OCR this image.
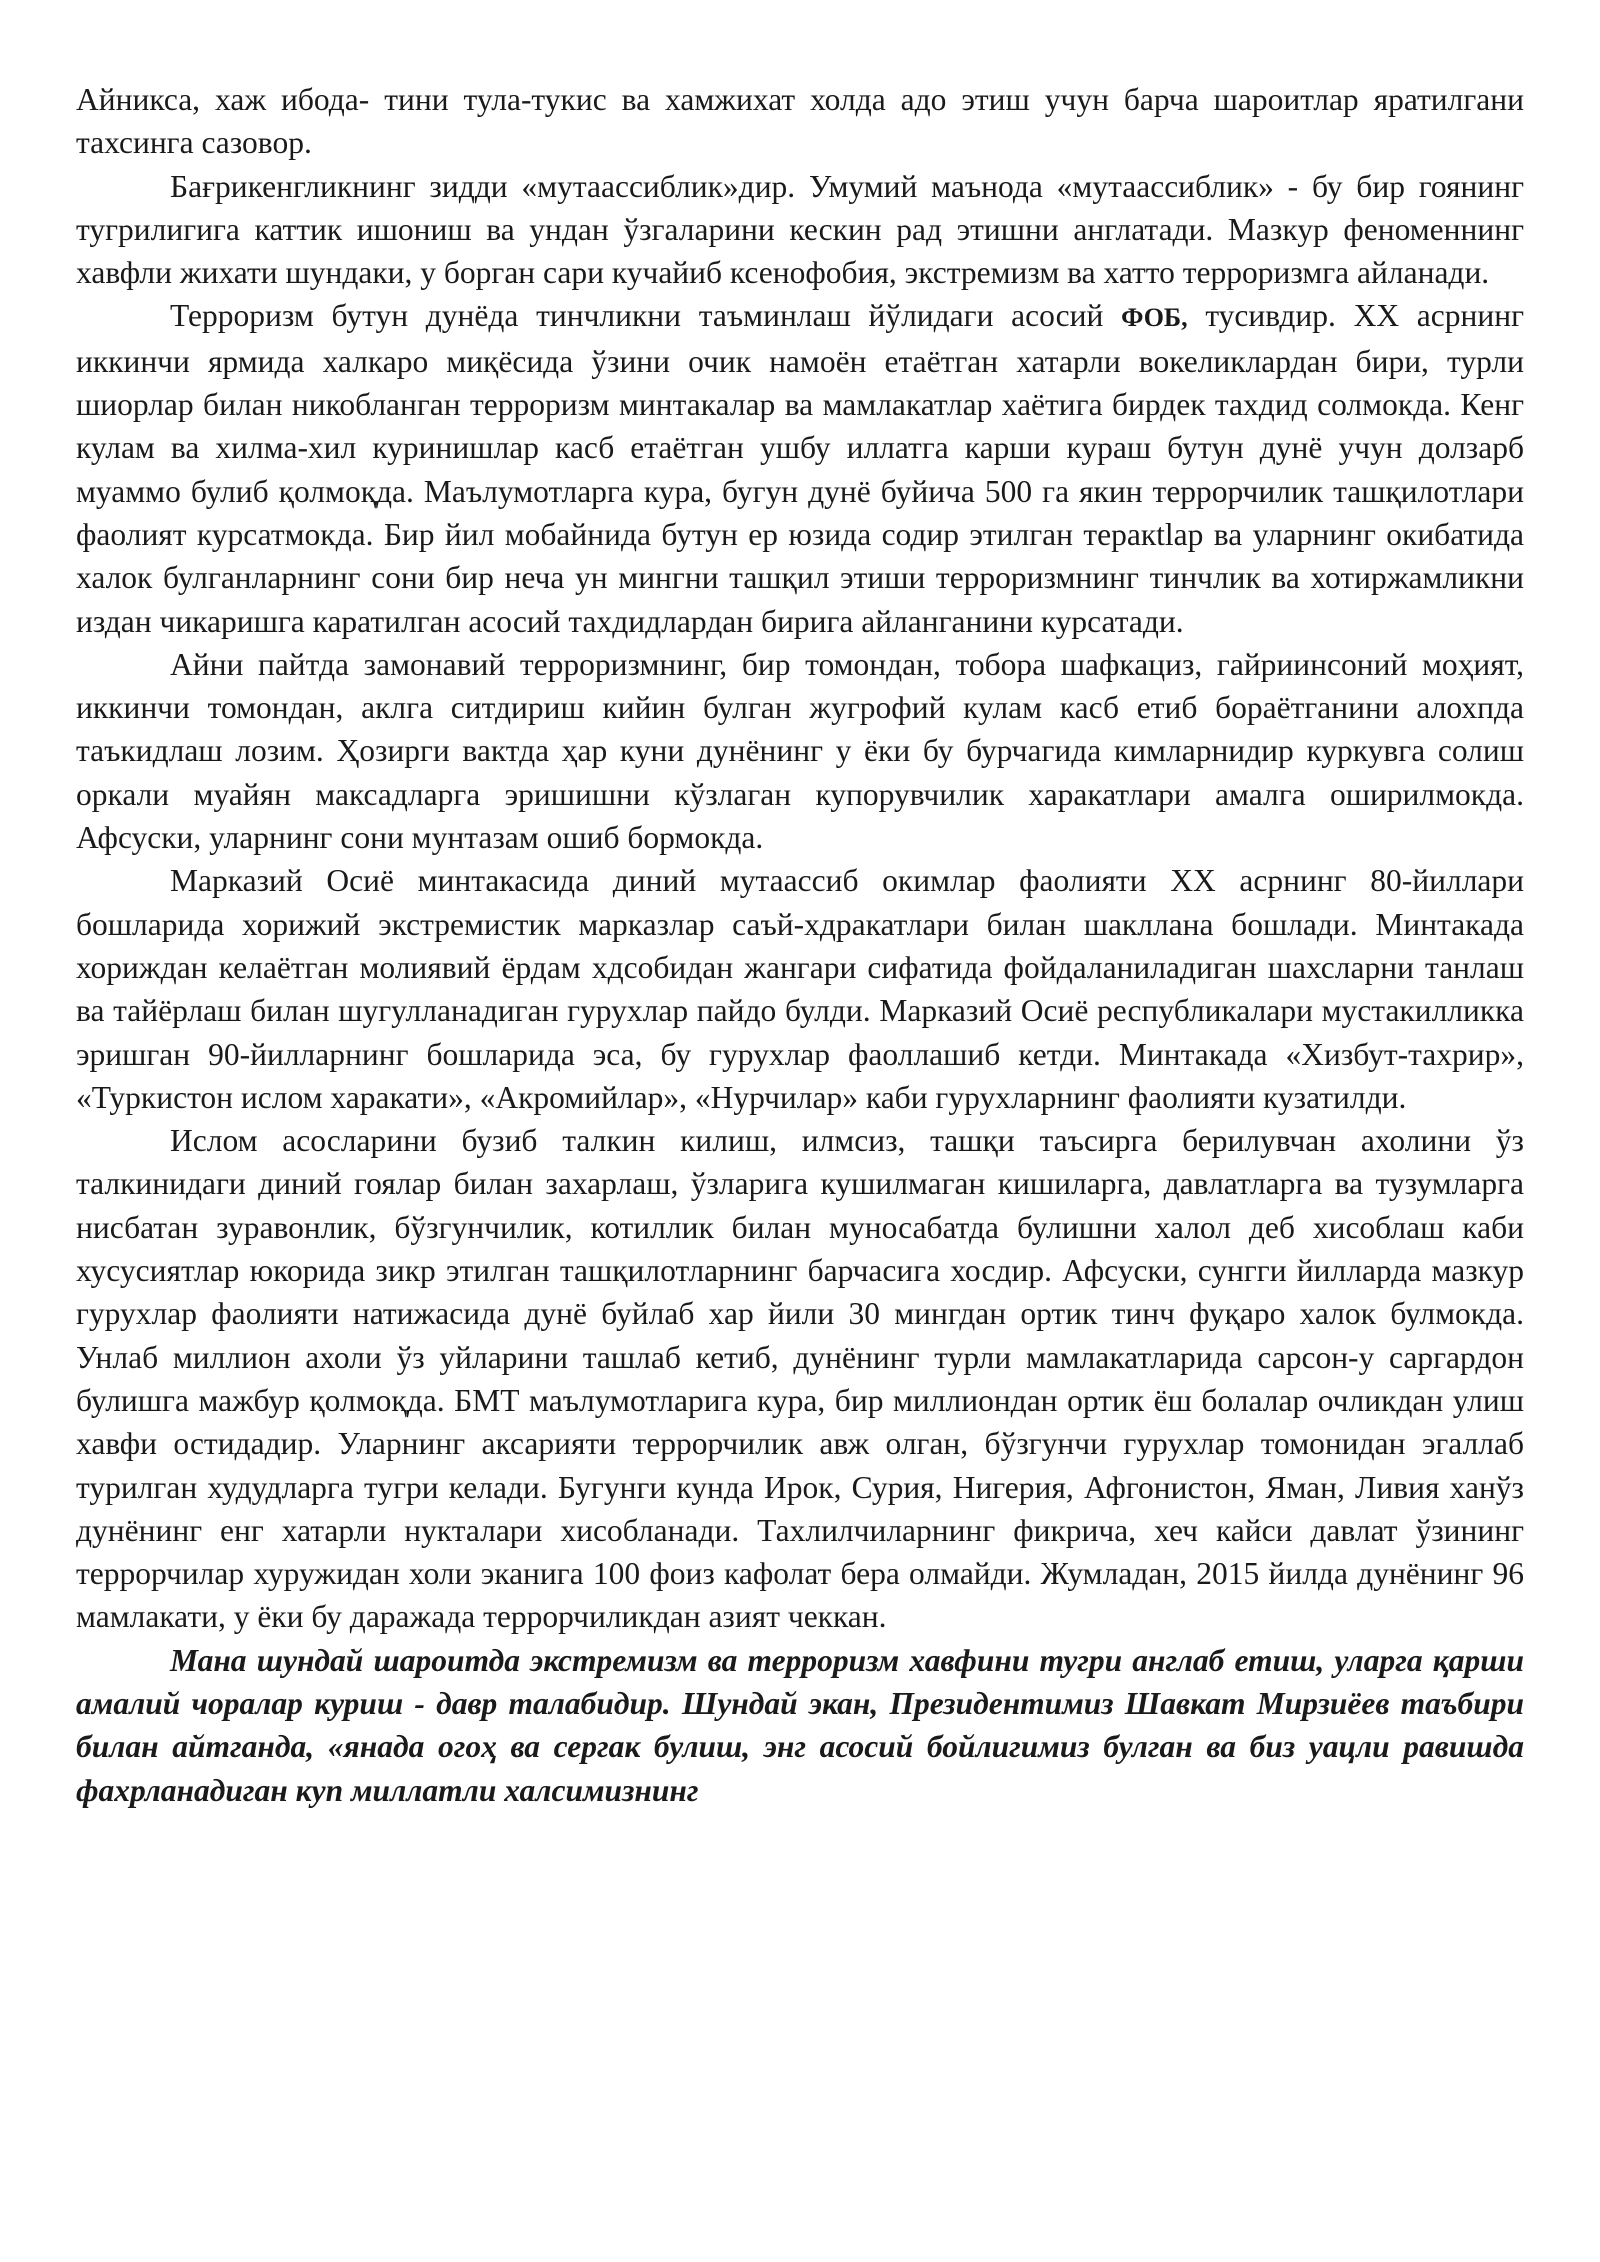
Айникса, хаж ибода- тини тула-тукис ва хамжихат холда адо этиш учун барча шароитлар яратилгани тахсинга сазовор.

Бағрикенгликнинг зидди «мутаассиблик»дир. Умумий маънода «мутаассиблик» - бу бир гоянинг тугрилигига каттик ишониш ва ундан ўзгаларини кескин рад этишни англатади. Мазкур феноменнинг хавфли жихати шундаки, у борган сари кучайиб ксенофобия, экстремизм ва хатто терроризмга айланади.

Терроризм бутун дунёда тинчликни таъминлаш йўлидаги асосий ФОБ, тусивдир. XX асрнинг иккинчи ярмида халкаро миқёсида ўзини очик намоён етаётган хатарли вокеликлардан бири, турли шиорлар билан никобланган терроризм минтакалар ва мамлакатлар хаётига бирдек тахдид солмокда. Кенг кулам ва хилма-хил куринишлар касб етаётган ушбу иллатга карши кураш бутун дунё учун долзарб муаммо булиб қолмоқда. Маълумотларга кура, бугун дунё буйича 500 га якин террорчилик ташқилотлари фаолият курсатмокда. Бир йил мобайнида бутун ер юзида содир этилган теракtlар ва уларнинг окибатида халок булганларнинг сони бир неча ун мингни ташқил этиши терроризмнинг тинчлик ва хотиржамликни издан чикаришга каратилган асосий тахдидлардан бирига айланганини курсатади.

Айни пайтда замонавий терроризмнинг, бир томондан, тобора шафкациз, гайриинсоний моҳият, иккинчи томондан, аклга ситдириш кийин булган жугрофий кулам касб етиб бораётганини алохпда таъкидлаш лозим. Ҳозирги вактда ҳар куни дунёнинг у ёки бу бурчагида кимларнидир куркувга солиш оркали муайян максадларга эришишни кўзлаган купорувчилик харакатлари амалга оширилмокда. Афсуски, уларнинг сони мунтазам ошиб бормокда.

Марказий Осиё минтакасида диний мутаассиб окимлар фаолияти XX асрнинг 80-йиллари бошларида хорижий экстремистик марказлар саъй-хдракатлари билан шаклланa бошлади. Минтакада хориждан келаётган молиявий ёрдам хдсобидан жангари сифатида фойдаланиладиган шахсларни танлаш ва тайёрлаш билан шугулланадиган гурухлар пайдо булди. Марказий Осиё республикалари мустакилликка эришган 90-йилларнинг бошларида эса, бу гурухлар фаоллашиб кетди. Минтакада «Хизбут-тахрир», «Туркистон ислом харакати», «Акромийлар», «Нурчилар» каби гурухларнинг фаолияти кузатилди.

Ислом асосларини бузиб талкин килиш, илмсиз, ташқи таъсирга берилувчан ахолини ўз талкинидаги диний гоялар билан захарлаш, ўзларига кушилмаган кишиларга, давлатларга ва тузумларга нисбатан зуравонлик, бўзгунчилик, котиллик билан муносабатда булишни халол деб хисоблаш каби хусусиятлар юкорида зикр этилган ташқилотларнинг барчасига хосдир. Афсуски, сунгги йилларда мазкур гурухлар фаолияти натижасида дунё буйлаб хар йили 30 мингдан ортик тинч фуқаро халок булмокда. Унлаб миллион ахоли ўз уйларини ташлаб кетиб, дунёнинг турли мамлакатларида сарсон-у саргардон булишга мажбур қолмоқда. БМТ маълумотларига кура, бир миллиондан ортик ёш болалар очликдан улиш хавфи остидадир. Уларнинг аксарияти террорчилик авж олган, бўзгунчи гурухлар томонидан эгаллаб турилган худудларга тугри келади. Бугунги кунда Ирок, Сурия, Нигерия, Афгонистон, Яман, Ливия ханўз дунёнинг енг хатарли нукталари хисобланади. Тахлилчиларнинг фикрича, хеч кайси давлат ўзининг террорчилар хуружидан холи эканига 100 фоиз кафолат бера олмайди. Жумладан, 2015 йилда дунёнинг 96 мамлакати, у ёки бу даражада террорчиликдан азият чеккан.

Мана шундай шароитда экстремизм ва терроризм хавфини тугри англаб етиш, уларга қарши амалий чоралар куриш - давр талабидир. Шундай экан, Президентимиз Шавкат Мирзиёев таъбири билан айтганда, «янада огоҳ ва сергак булиш, энг асосий бойлигимиз булган ва биз уацли равишда фахрланадиган куп миллатли халсимизнинг
